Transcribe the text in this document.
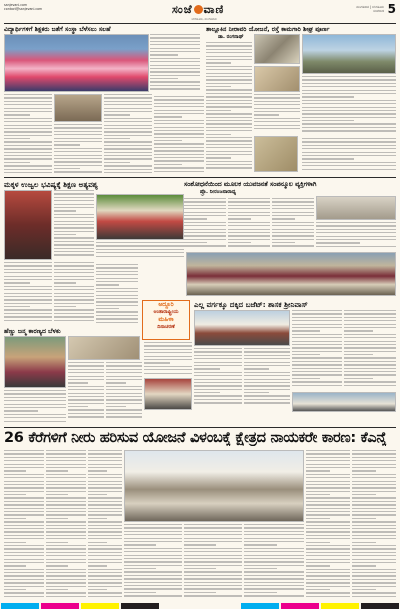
sanjevani.com
contact@sanjevani.com	ಸಂಜೆ ವಾಣಿ
ಬೆಂಗಳೂರು, ಮಂಗಳವಾರ
ಮಂಗಳವಾರ | ಬೆಂಗಳೂರು
ಸಂಜೆವಾಣಿ 5
ವಿದ್ಯಾರ್ಥಿಗಳಿಗೆ ಶಿಕ್ಷಕರು ಜತೆಗೆ ಸಂಸ್ಥಾ ಬೆಳೆಸಲು ಸಲಹೆ	ತಾಲ್ಲೂಕಿನ ನೀರಾವರಿ ಯೋಜನೆ, ರಸ್ತೆ ಕಾಮಗಾರಿ ಶೀಘ್ರ ಪೂರ್ಣ
ಡಾ. ರಂಗನಾಥ್
ಮಕ್ಕಳ ಉಜ್ವಲ ಭವಿಷ್ಯಕ್ಕೆ ಶಿಕ್ಷಣ ಅತ್ಯವಶ್ಯ	ಸಂಶೋಧನೆಯಿಂದ ಮೂಲಕ ಯುವಜನತೆ ಸಂಪನ್ಮೂಲ ವ್ಯಕ್ತಿಗಳಾಗಿ
ಪ್ರೊ. ನೀರಂಜನಾರಾಧ್ಯ
ಅದ್ದೂರಿ
ಅಂತಾರಾಷ್ಟ್ರೀಯ
ಮಹಿಳಾ
ದಿನಾಚರಣೆ
ಎಲ್ಲ ವರ್ಗಕ್ಕೂ ದಕ್ಕಿದ ಬಜೆಟ್: ಶಾಸಕ ಶ್ರೀನಿವಾಸ್
ಹೆಣ್ಣು ಜನ್ಮ ಕಾರಣ್ಯದ ಬೆಳಕು
26 ಕೆರೆಗಳಿಗೆ ನೀರು ಹರಿಸುವ ಯೋಜನೆ ವಿಳಂಬಕ್ಕೆ ಕ್ಷೇತ್ರದ ನಾಯಕರೇ ಕಾರಣ: ಕೆಎನ್ಕೆ
